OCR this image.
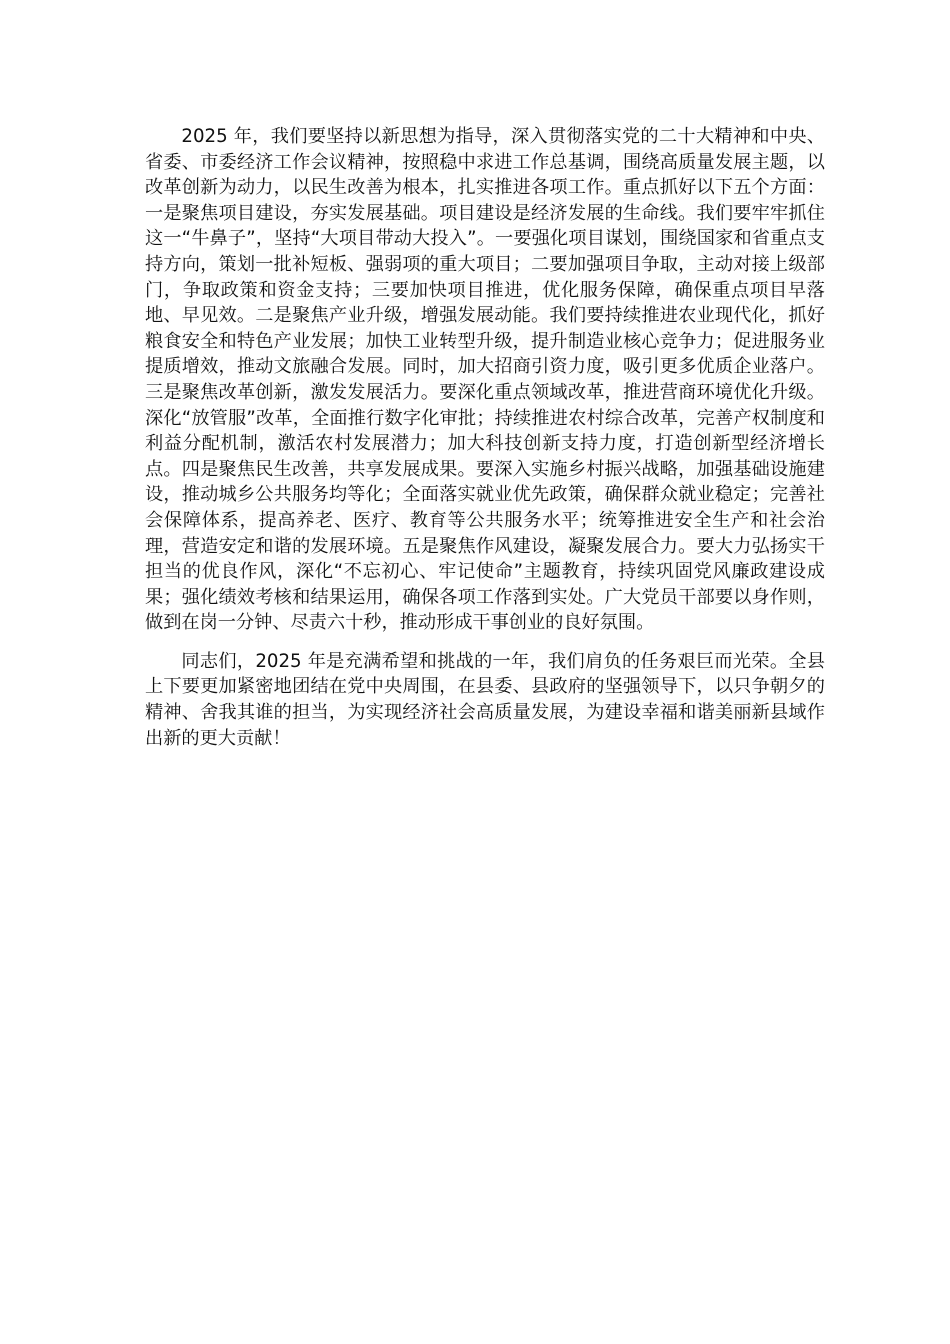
2025 年，我们要坚持以新思想为指导，深入贯彻落实党的二十大精神和中央、省委、市委经济工作会议精神，按照稳中求进工作总基调，围绕高质量发展主题，以改革创新为动力，以民生改善为根本，扎实推进各项工作。重点抓好以下五个方面：一是聚焦项目建设，夯实发展基础。项目建设是经济发展的生命线。我们要牢牢抓住这一“牛鼻子”，坚持“大项目带动大投入”。一要强化项目谋划，围绕国家和省重点支持方向，策划一批补短板、强弱项的重大项目；二要加强项目争取，主动对接上级部门，争取政策和资金支持；三要加快项目推进，优化服务保障，确保重点项目早落地、早见效。二是聚焦产业升级，增强发展动能。我们要持续推进农业现代化，抓好粮食安全和特色产业发展；加快工业转型升级，提升制造业核心竞争力；促进服务业提质增效，推动文旅融合发展。同时，加大招商引资力度，吸引更多优质企业落户。三是聚焦改革创新，激发发展活力。要深化重点领域改革，推进营商环境优化升级。深化“放管服”改革，全面推行数字化审批；持续推进农村综合改革，完善产权制度和利益分配机制，激活农村发展潜力；加大科技创新支持力度，打造创新型经济增长点。四是聚焦民生改善，共享发展成果。要深入实施乡村振兴战略，加强基础设施建设，推动城乡公共服务均等化；全面落实就业优先政策，确保群众就业稳定；完善社会保障体系，提高养老、医疗、教育等公共服务水平；统筹推进安全生产和社会治理，营造安定和谐的发展环境。五是聚焦作风建设，凝聚发展合力。要大力弘扬实干担当的优良作风，深化“不忘初心、牢记使命”主题教育，持续巩固党风廉政建设成果；强化绩效考核和结果运用，确保各项工作落到实处。广大党员干部要以身作则，做到在岗一分钟、尽责六十秒，推动形成干事创业的良好氛围。

同志们，2025 年是充满希望和挑战的一年，我们肩负的任务艰巨而光荣。全县上下要更加紧密地团结在党中央周围，在县委、县政府的坚强领导下，以只争朝夕的精神、舍我其谁的担当，为实现经济社会高质量发展，为建设幸福和谐美丽新县域作出新的更大贡献！
